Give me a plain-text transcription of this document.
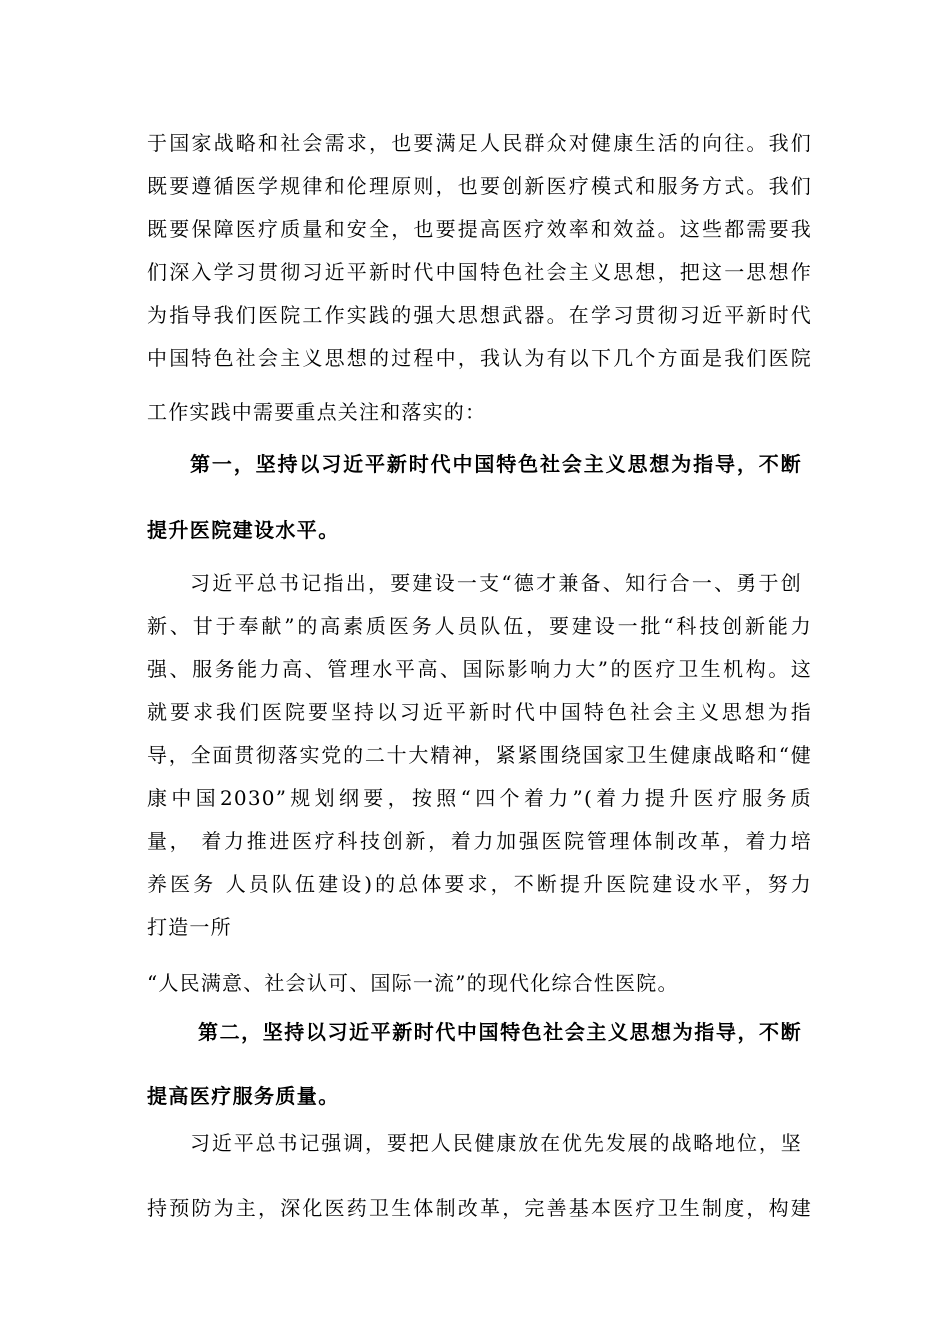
于国家战略和社会需求，也要满足人民群众对健康生活的向往。我们
既要遵循医学规律和伦理原则，也要创新医疗模式和服务方式。我们
既要保障医疗质量和安全，也要提高医疗效率和效益。这些都需要我
们深入学习贯彻习近平新时代中国特色社会主义思想，把这一思想作
为指导我们医院工作实践的强大思想武器。在学习贯彻习近平新时代
中国特色社会主义思想的过程中，我认为有以下几个方面是我们医院
工作实践中需要重点关注和落实的：
第一，坚持以习近平新时代中国特色社会主义思想为指导，不断
提升医院建设水平。
习近平总书记指出，要建设一支“德才兼备、知行合一、勇于创
新、甘于奉献”的高素质医务人员队伍，要建设一批“科技创新能力
强、服务能力高、管理水平高、国际影响力大”的医疗卫生机构。这
就要求我们医院要坚持以习近平新时代中国特色社会主义思想为指
导，全面贯彻落实党的二十大精神，紧紧围绕国家卫生健康战略和“健
康中国2030”规划纲要，按照“四个着力”(着力提升医疗服务质
量， 着力推进医疗科技创新，着力加强医院管理体制改革，着力培
养医务 人员队伍建设)的总体要求，不断提升医院建设水平，努力
打造一所
“人民满意、社会认可、国际一流”的现代化综合性医院。
第二，坚持以习近平新时代中国特色社会主义思想为指导，不断
提高医疗服务质量。
习近平总书记强调，要把人民健康放在优先发展的战略地位，坚
持预防为主，深化医药卫生体制改革，完善基本医疗卫生制度，构建
